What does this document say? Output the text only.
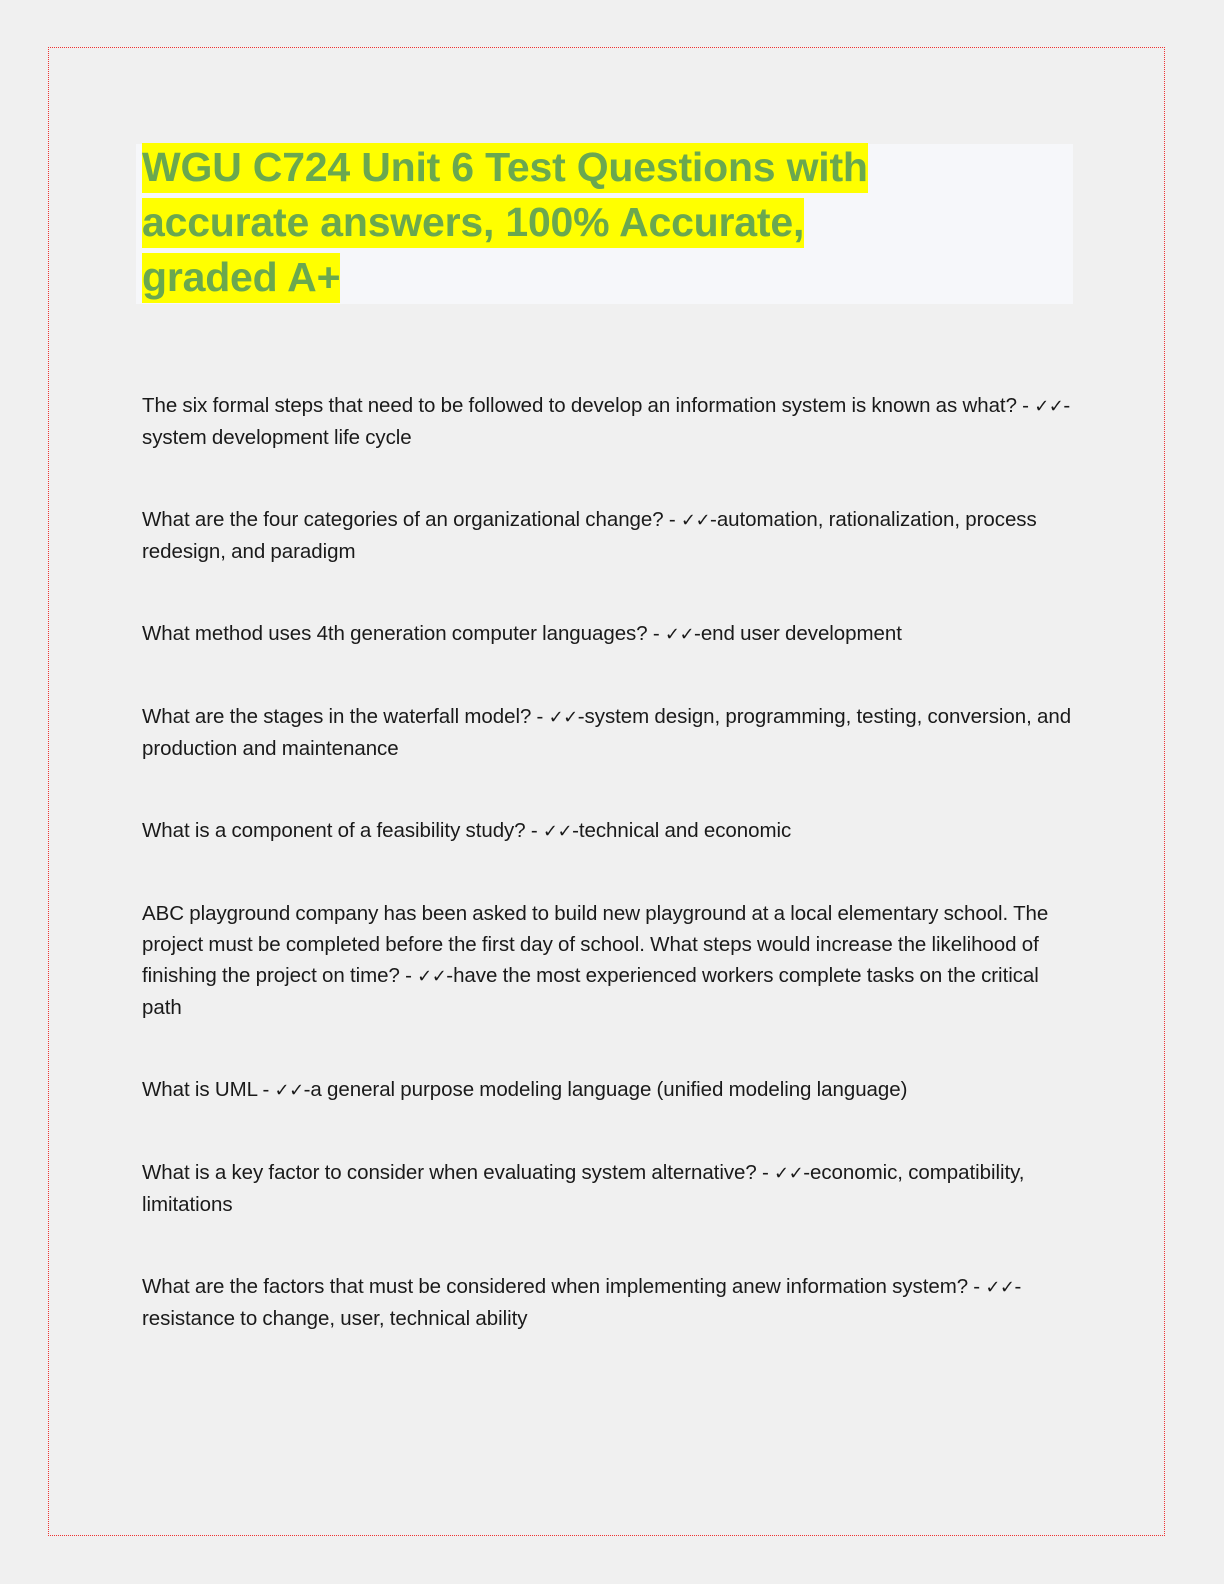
WGU C724 Unit 6 Test Questions with
accurate answers, 100% Accurate,
graded A+

The six formal steps that need to be followed to develop an information system is known as what? - ✓✓-system development life cycle

What are the four categories of an organizational change? - ✓✓-automation, rationalization, process redesign, and paradigm

What method uses 4th generation computer languages? - ✓✓-end user development

What are the stages in the waterfall model? - ✓✓-system design, programming, testing, conversion, and production and maintenance

What is a component of a feasibility study? - ✓✓-technical and economic

ABC playground company has been asked to build new playground at a local elementary school. The project must be completed before the first day of school. What steps would increase the likelihood of finishing the project on time? - ✓✓-have the most experienced workers complete tasks on the critical path

What is UML - ✓✓-a general purpose modeling language (unified modeling language)

What is a key factor to consider when evaluating system alternative? - ✓✓-economic, compatibility, limitations

What are the factors that must be considered when implementing anew information system? - ✓✓-resistance to change, user, technical ability
